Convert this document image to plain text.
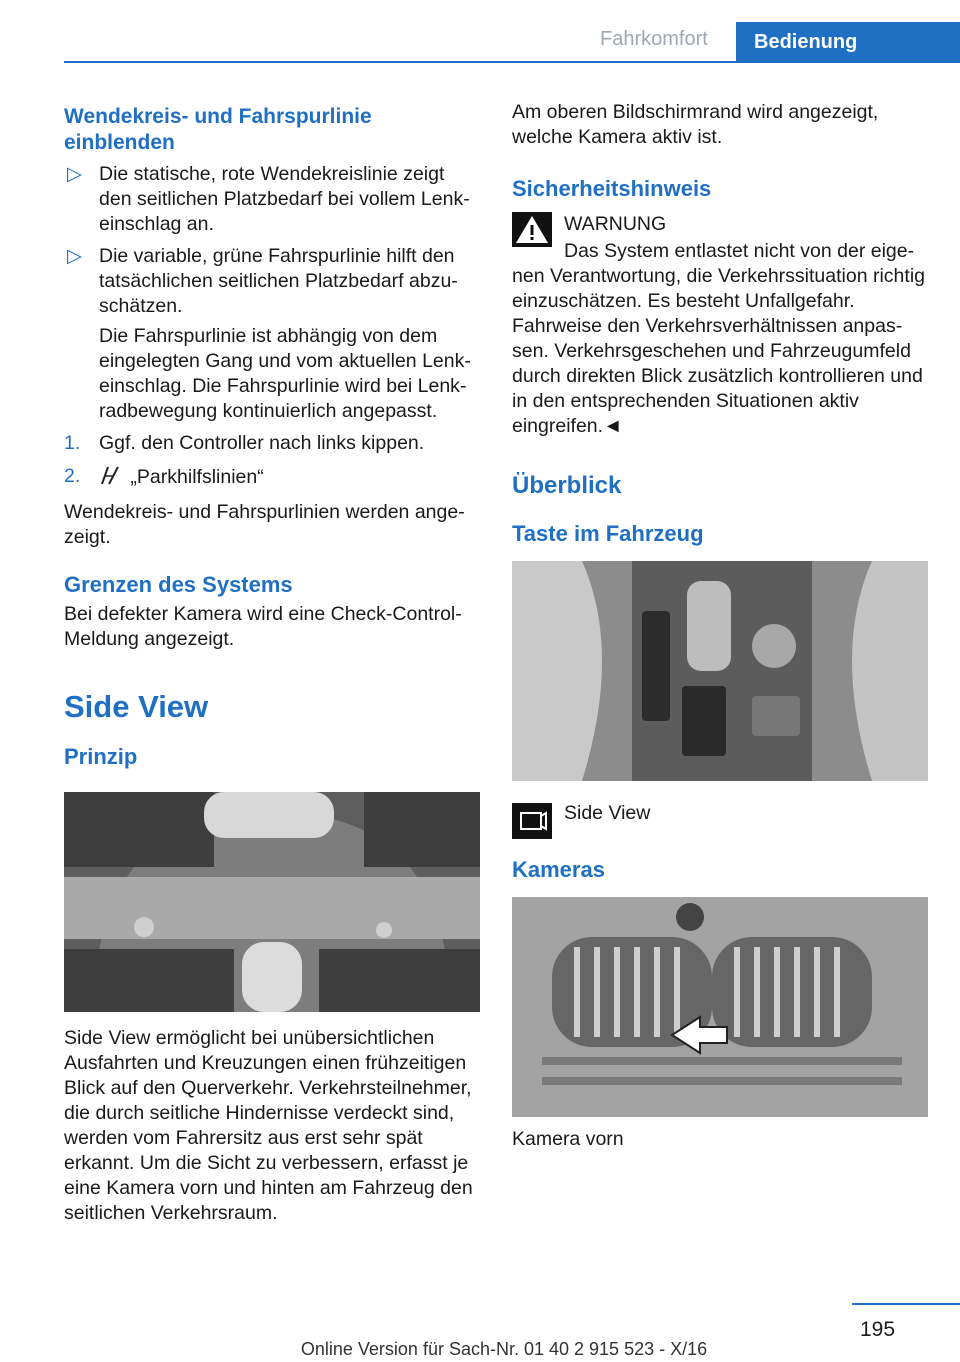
Fahrkomfort	Bedienung
Wendekreis- und Fahrspurlinie einblenden
▷ Die statische, rote Wendekreislinie zeigt den seitlichen Platzbedarf bei vollem Lenkeinschlag an.
▷ Die variable, grüne Fahrspurlinie hilft den tatsächlichen seitlichen Platzbedarf abzuschätzen.
Die Fahrspurlinie ist abhängig von dem eingelegten Gang und vom aktuellen Lenkeinschlag. Die Fahrspurlinie wird bei Lenkradbewegung kontinuierlich angepasst.
1. Ggf. den Controller nach links kippen.
2.	„Parkhilfslinien“

Wendekreis- und Fahrspurlinien werden angezeigt.

Grenzen des Systems

Bei defekter Kamera wird eine Check-Control-Meldung angezeigt.

Side View
Prinzip

Side View ermöglicht bei unübersichtlichen Ausfahrten und Kreuzungen einen frühzeitigen Blick auf den Querverkehr. Verkehrsteilnehmer, die durch seitliche Hindernisse verdeckt sind, werden vom Fahrersitz aus erst sehr spät erkannt. Um die Sicht zu verbessern, erfasst je eine Kamera vorn und hinten am Fahrzeug den seitlichen Verkehrsraum.

Am oberen Bildschirmrand wird angezeigt, welche Kamera aktiv ist.

Sicherheitshinweis
WARNUNG
Das System entlastet nicht von der eigenen Verantwortung, die Verkehrssituation richtig einzuschätzen. Es besteht Unfallgefahr. Fahrweise den Verkehrsverhältnissen anpassen. Verkehrsgeschehen und Fahrzeugumfeld durch direkten Blick zusätzlich kontrollieren und in den entsprechenden Situationen aktiv eingreifen.◄
Überblick
Taste im Fahrzeug
Side View
Kameras

Kamera vorn

195
Online Version für Sach-Nr. 01 40 2 915 523 - X/16
